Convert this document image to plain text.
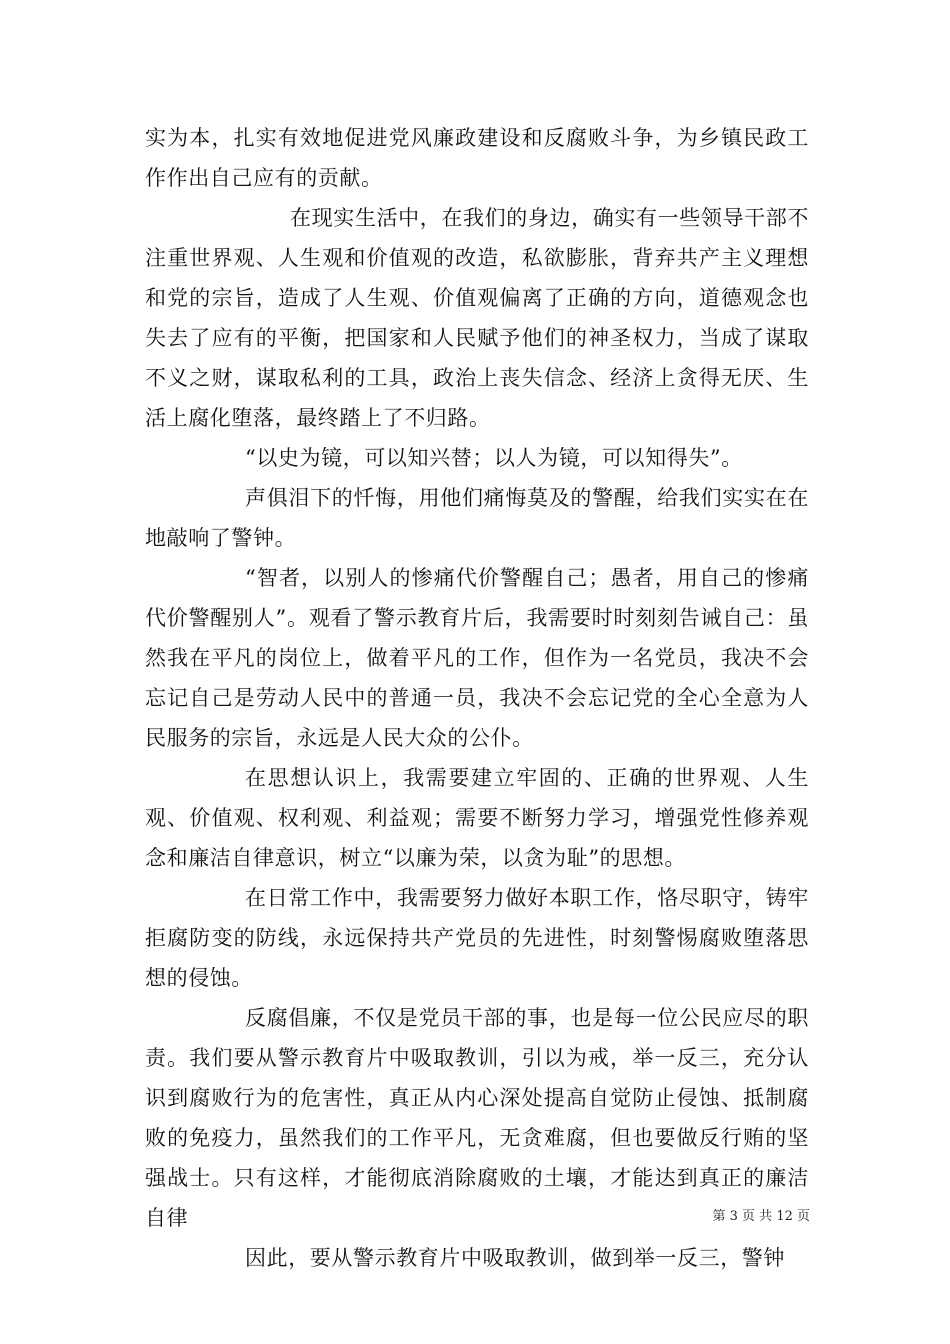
实为本，扎实有效地促进党风廉政建设和反腐败斗争，为乡镇民政工作作出自己应有的贡献。

在现实生活中，在我们的身边，确实有一些领导干部不注重世界观、人生观和价值观的改造，私欲膨胀，背弃共产主义理想和党的宗旨，造成了人生观、价值观偏离了正确的方向，道德观念也失去了应有的平衡，把国家和人民赋予他们的神圣权力，当成了谋取不义之财，谋取私利的工具，政治上丧失信念、经济上贪得无厌、生活上腐化堕落，最终踏上了不归路。

“以史为镜，可以知兴替；以人为镜，可以知得失”。

声俱泪下的忏悔，用他们痛悔莫及的警醒，给我们实实在在地敲响了警钟。

“智者，以别人的惨痛代价警醒自己；愚者，用自己的惨痛代价警醒别人”。观看了警示教育片后，我需要时时刻刻告诫自己：虽然我在平凡的岗位上，做着平凡的工作，但作为一名党员，我决不会忘记自己是劳动人民中的普通一员，我决不会忘记党的全心全意为人民服务的宗旨，永远是人民大众的公仆。

在思想认识上，我需要建立牢固的、正确的世界观、人生观、价值观、权利观、利益观；需要不断努力学习，增强党性修养观念和廉洁自律意识，树立“以廉为荣，以贪为耻”的思想。

在日常工作中，我需要努力做好本职工作，恪尽职守，铸牢拒腐防变的防线，永远保持共产党员的先进性，时刻警惕腐败堕落思想的侵蚀。

反腐倡廉，不仅是党员干部的事，也是每一位公民应尽的职责。我们要从警示教育片中吸取教训，引以为戒，举一反三，充分认识到腐败行为的危害性，真正从内心深处提高自觉防止侵蚀、抵制腐败的免疫力，虽然我们的工作平凡，无贪难腐，但也要做反行贿的坚强战士。只有这样，才能彻底消除腐败的土壤，才能达到真正的廉洁自律

因此，要从警示教育片中吸取教训，做到举一反三，警钟

第 3 页 共 12 页
